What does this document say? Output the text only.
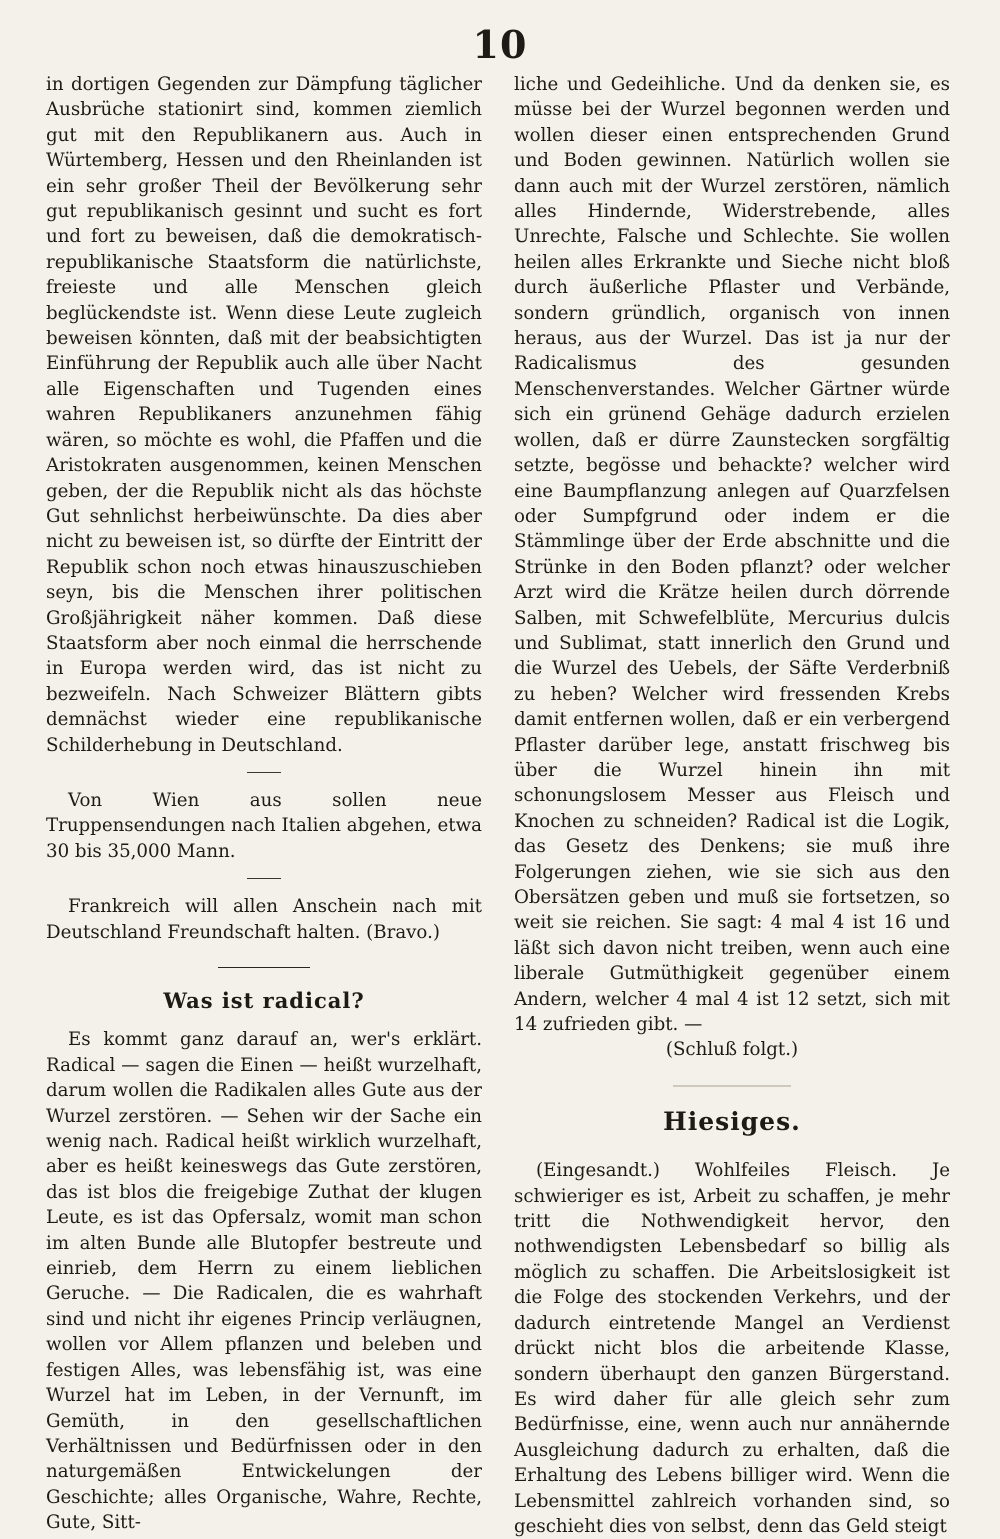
10

in dortigen Gegenden zur Dämpfung täglicher Ausbrüche stationirt sind, kommen ziemlich gut mit den Republikanern aus. Auch in Würtemberg, Hessen und den Rheinlanden ist ein sehr großer Theil der Bevölkerung sehr gut republikanisch gesinnt und sucht es fort und fort zu beweisen, daß die demokratisch-republikanische Staatsform die natürlichste, freieste und alle Menschen gleich beglückendste ist. Wenn diese Leute zugleich beweisen könnten, daß mit der beabsichtigten Einführung der Republik auch alle über Nacht alle Eigenschaften und Tugenden eines wahren Republikaners anzunehmen fähig wären, so möchte es wohl, die Pfaffen und die Aristokraten ausgenommen, keinen Menschen geben, der die Republik nicht als das höchste Gut sehnlichst herbeiwünschte. Da dies aber nicht zu beweisen ist, so dürfte der Eintritt der Republik schon noch etwas hinauszuschieben seyn, bis die Menschen ihrer politischen Großjährigkeit näher kommen. Daß diese Staatsform aber noch einmal die herrschende in Europa werden wird, das ist nicht zu bezweifeln. Nach Schweizer Blättern gibts demnächst wieder eine republikanische Schilderhebung in Deutschland.

Von Wien aus sollen neue Truppensendungen nach Italien abgehen, etwa 30 bis 35,000 Mann.

Frankreich will allen Anschein nach mit Deutschland Freundschaft halten. (Bravo.)

Was ist radical?

Es kommt ganz darauf an, wer's erklärt. Radical — sagen die Einen — heißt wurzelhaft, darum wollen die Radikalen alles Gute aus der Wurzel zerstören. — Sehen wir der Sache ein wenig nach. Radical heißt wirklich wurzelhaft, aber es heißt keineswegs das Gute zerstören, das ist blos die freigebige Zuthat der klugen Leute, es ist das Opfersalz, womit man schon im alten Bunde alle Blutopfer bestreute und einrieb, dem Herrn zu einem lieblichen Geruche. — Die Radicalen, die es wahrhaft sind und nicht ihr eigenes Princip verläugnen, wollen vor Allem pflanzen und beleben und festigen Alles, was lebensfähig ist, was eine Wurzel hat im Leben, in der Vernunft, im Gemüth, in den gesellschaftlichen Verhältnissen und Bedürfnissen oder in den naturgemäßen Entwickelungen der Geschichte; alles Organische, Wahre, Rechte, Gute, Sitt-

liche und Gedeihliche. Und da denken sie, es müsse bei der Wurzel begonnen werden und wollen dieser einen entsprechenden Grund und Boden gewinnen. Natürlich wollen sie dann auch mit der Wurzel zerstören, nämlich alles Hindernde, Widerstrebende, alles Unrechte, Falsche und Schlechte. Sie wollen heilen alles Erkrankte und Sieche nicht bloß durch äußerliche Pflaster und Verbände, sondern gründlich, organisch von innen heraus, aus der Wurzel. Das ist ja nur der Radicalismus des gesunden Menschenverstandes. Welcher Gärtner würde sich ein grünend Gehäge dadurch erzielen wollen, daß er dürre Zaunstecken sorgfältig setzte, begösse und behackte? welcher wird eine Baumpflanzung anlegen auf Quarzfelsen oder Sumpfgrund oder indem er die Stämmlinge über der Erde abschnitte und die Strünke in den Boden pflanzt? oder welcher Arzt wird die Krätze heilen durch dörrende Salben, mit Schwefelblüte, Mercurius dulcis und Sublimat, statt innerlich den Grund und die Wurzel des Uebels, der Säfte Verderbniß zu heben? Welcher wird fressenden Krebs damit entfernen wollen, daß er ein verbergend Pflaster darüber lege, anstatt frischweg bis über die Wurzel hinein ihn mit schonungslosem Messer aus Fleisch und Knochen zu schneiden? Radical ist die Logik, das Gesetz des Denkens; sie muß ihre Folgerungen ziehen, wie sie sich aus den Obersätzen geben und muß sie fortsetzen, so weit sie reichen. Sie sagt: 4 mal 4 ist 16 und läßt sich davon nicht treiben, wenn auch eine liberale Gutmüthigkeit gegenüber einem Andern, welcher 4 mal 4 ist 12 setzt, sich mit 14 zufrieden gibt. —

(Schluß folgt.)
Hiesiges.

(Eingesandt.) Wohlfeiles Fleisch. Je schwieriger es ist, Arbeit zu schaffen, je mehr tritt die Nothwendigkeit hervor, den nothwendigsten Lebensbedarf so billig als möglich zu schaffen. Die Arbeitslosigkeit ist die Folge des stockenden Verkehrs, und der dadurch eintretende Mangel an Verdienst drückt nicht blos die arbeitende Klasse, sondern überhaupt den ganzen Bürgerstand. Es wird daher für alle gleich sehr zum Bedürfnisse, eine, wenn auch nur annähernde Ausgleichung dadurch zu erhalten, daß die Erhaltung des Lebens billiger wird. Wenn die Lebensmittel zahlreich vorhanden sind, so geschieht dies von selbst, denn das Geld steigt
